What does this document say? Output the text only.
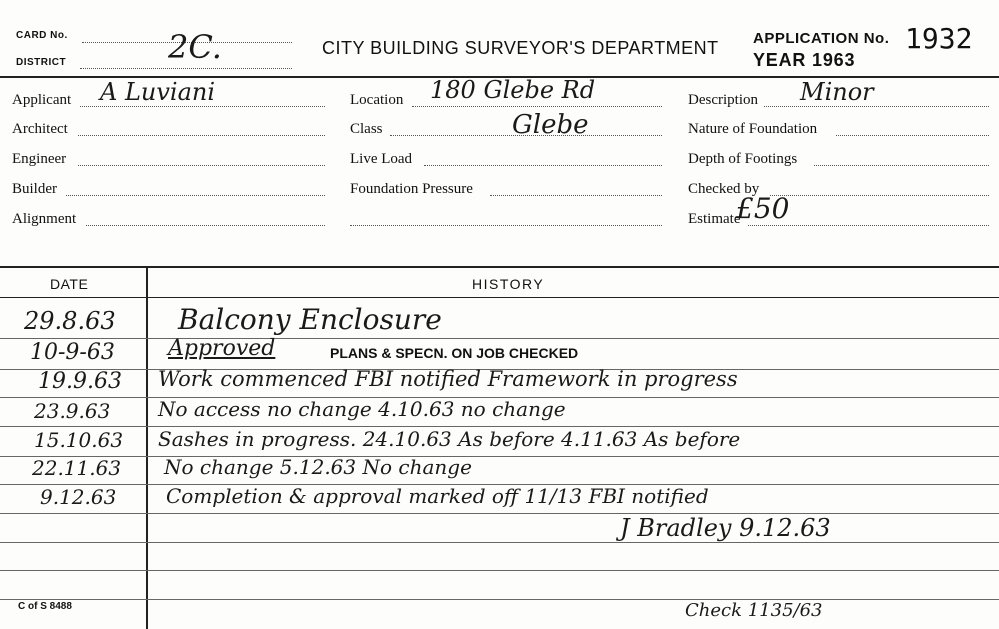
CARD No.
DISTRICT	2C.	CITY BUILDING SURVEYOR'S DEPARTMENT APPLICATION No. 1932
YEAR 1963
Applicant A Luviani
Architect
Engineer
Builder
Alignment
Location 180 Glebe Rd
Class	Glebe
Live Load
Foundation Pressure
Description Minor
Nature of Foundation
Depth of Footings
Checked by
Estimate
£50
DATE	HISTORY
29.8.63 Balcony Enclosure
10-9-63 Approved	PLANS & SPECN. ON JOB CHECKED
19.9.63 Work commenced FBI notified Framework in progress
23.9.63 No access no change 4.10.63 no change
15.10.63 Sashes in progress. 24.10.63 As before 4.11.63 As before
22.11.63 No change 5.12.63 No change
9.12.63 Completion & approval marked off 11/13 FBI notified
J Bradley 9.12.63
C of S 8488	Check 1135/63
